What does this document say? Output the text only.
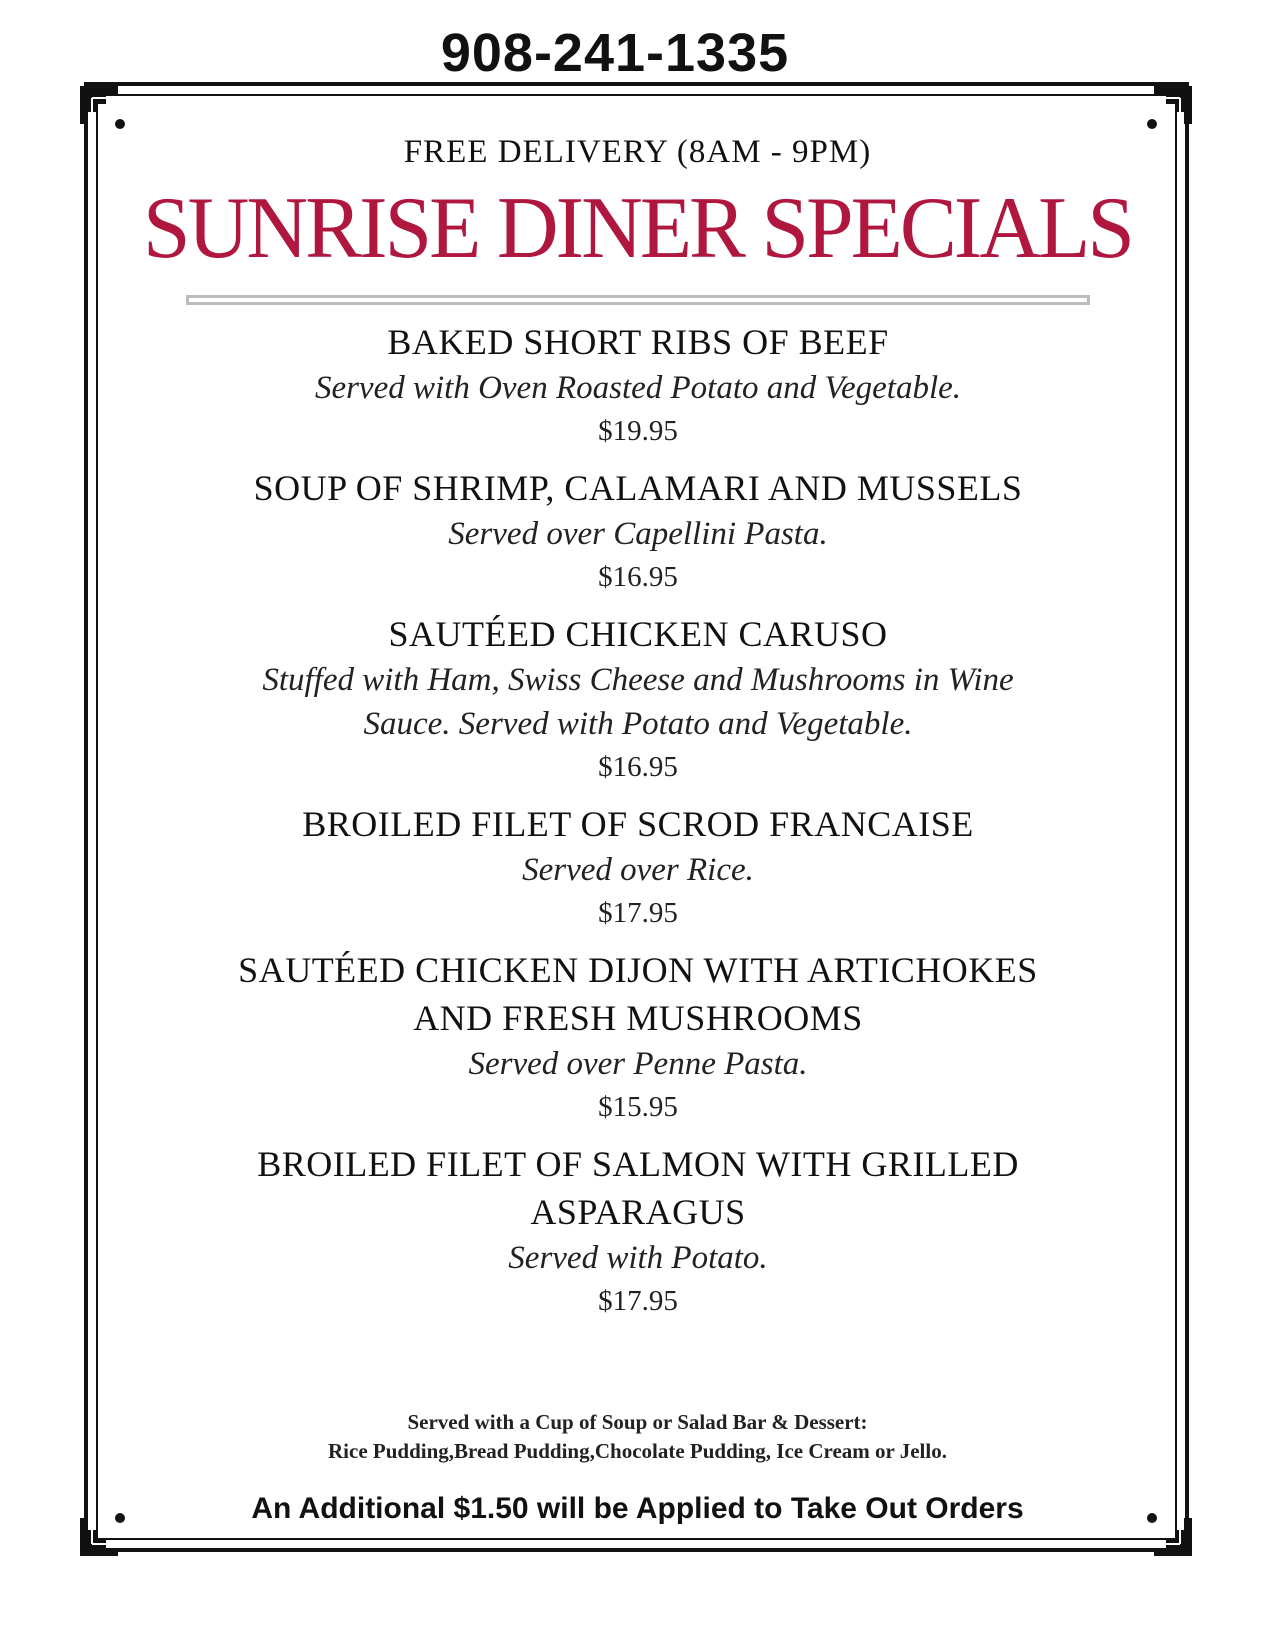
908-241-1335
FREE DELIVERY (8AM - 9PM)
SUNRISE DINER SPECIALS
BAKED SHORT RIBS OF BEEF
Served with Oven Roasted Potato and Vegetable.
$19.95
SOUP OF SHRIMP, CALAMARI AND MUSSELS
Served over Capellini Pasta.
$16.95
SAUTÉED CHICKEN CARUSO
Stuffed with Ham, Swiss Cheese and Mushrooms in Wine
Sauce. Served with Potato and Vegetable.
$16.95
BROILED FILET OF SCROD FRANCAISE
Served over Rice.
$17.95
SAUTÉED CHICKEN DIJON WITH ARTICHOKES
AND FRESH MUSHROOMS
Served over Penne Pasta.
$15.95
BROILED FILET OF SALMON WITH GRILLED
ASPARAGUS
Served with Potato.
$17.95
Served with a Cup of Soup or Salad Bar & Dessert:
Rice Pudding,Bread Pudding,Chocolate Pudding, Ice Cream or Jello.
An Additional $1.50 will be Applied to Take Out Orders
